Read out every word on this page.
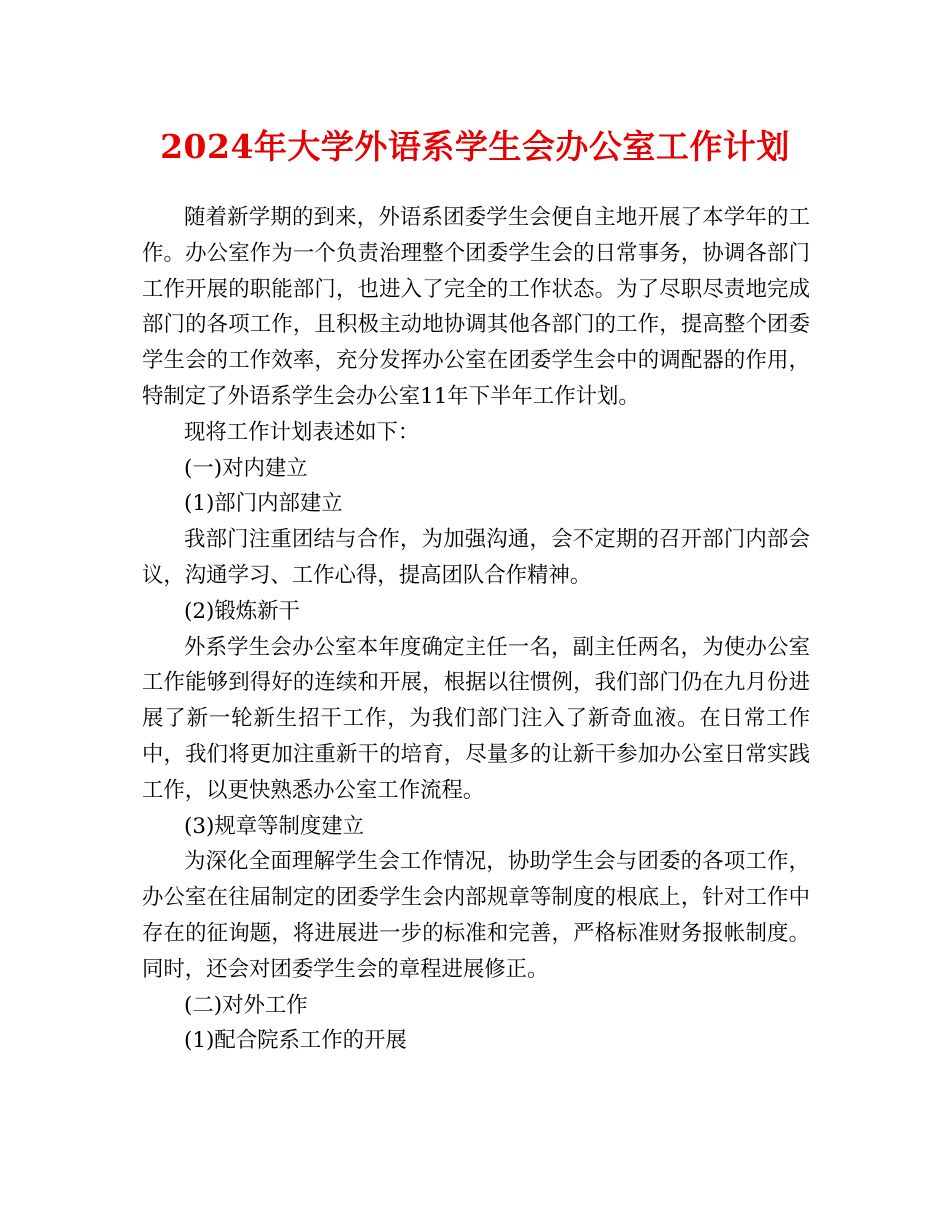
2024年大学外语系学生会办公室工作计划

随着新学期的到来，外语系团委学生会便自主地开展了本学年的工作。办公室作为一个负责治理整个团委学生会的日常事务，协调各部门工作开展的职能部门，也进入了完全的工作状态。为了尽职尽责地完成部门的各项工作，且积极主动地协调其他各部门的工作，提高整个团委学生会的工作效率，充分发挥办公室在团委学生会中的调配器的作用，特制定了外语系学生会办公室11年下半年工作计划。

现将工作计划表述如下：

(一)对内建立

(1)部门内部建立

我部门注重团结与合作，为加强沟通，会不定期的召开部门内部会议，沟通学习、工作心得，提高团队合作精神。

(2)锻炼新干

外系学生会办公室本年度确定主任一名，副主任两名，为使办公室工作能够到得好的连续和开展，根据以往惯例，我们部门仍在九月份进展了新一轮新生招干工作，为我们部门注入了新奇血液。在日常工作中，我们将更加注重新干的培育，尽量多的让新干参加办公室日常实践工作，以更快熟悉办公室工作流程。

(3)规章等制度建立

为深化全面理解学生会工作情况，协助学生会与团委的各项工作，办公室在往届制定的团委学生会内部规章等制度的根底上，针对工作中存在的征询题，将进展进一步的标准和完善，严格标准财务报帐制度。同时，还会对团委学生会的章程进展修正。

(二)对外工作

(1)配合院系工作的开展
